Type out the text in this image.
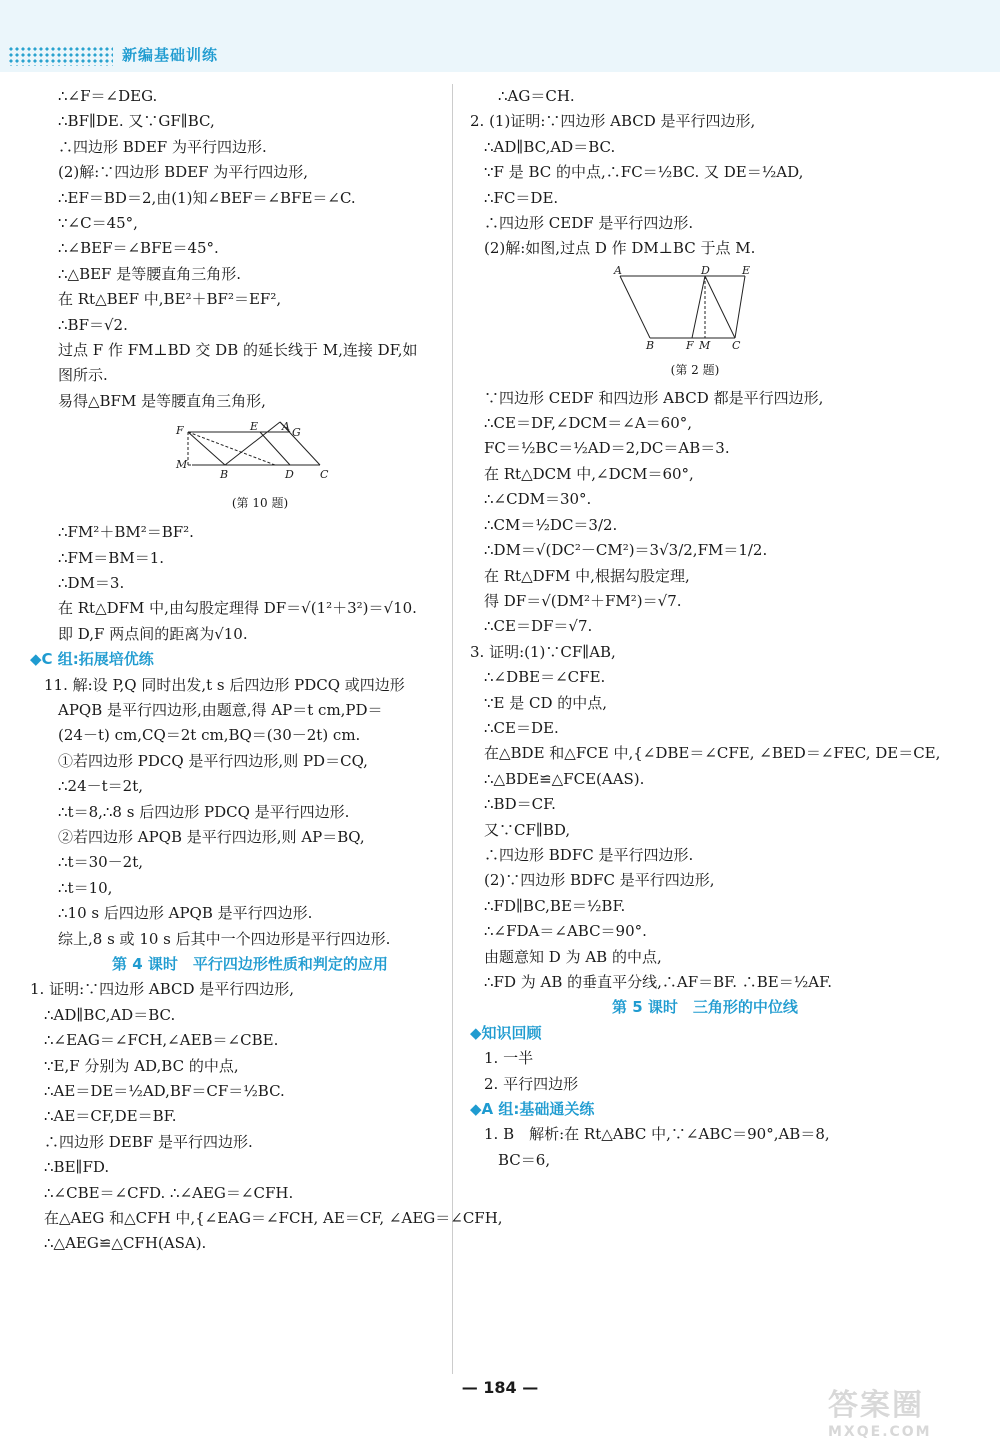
新编基础训练
∴∠F＝∠DEG.
∴BF∥DE. 又∵GF∥BC,
∴四边形 BDEF 为平行四边形.
(2)解:∵四边形 BDEF 为平行四边形,
∴EF＝BD＝2,由(1)知∠BEF＝∠BFE＝∠C.
∵∠C＝45°,
∴∠BEF＝∠BFE＝45°.
∴△BEF 是等腰直角三角形.
在 Rt△BEF 中,BE²＋BF²＝EF²,
∴BF＝√2.
过点 F 作 FM⊥BD 交 DB 的延长线于 M,连接 DF,如
图所示.
易得△BFM 是等腰直角三角形,
A G
E
F
M
B	D C
(第 10 题)
∴FM²＋BM²＝BF².
∴FM＝BM＝1.
∴DM＝3.
在 Rt△DFM 中,由勾股定理得 DF＝√(1²＋3²)＝√10.
即 D,F 两点间的距离为√10.
◆C 组:拓展培优练
11. 解:设 P,Q 同时出发,t s 后四边形 PDCQ 或四边形
APQB 是平行四边形,由题意,得 AP＝t cm,PD＝
(24－t) cm,CQ＝2t cm,BQ＝(30－2t) cm.
①若四边形 PDCQ 是平行四边形,则 PD＝CQ,
∴24－t＝2t,
∴t＝8,∴8 s 后四边形 PDCQ 是平行四边形.
②若四边形 APQB 是平行四边形,则 AP＝BQ,
∴t＝30－2t,
∴t＝10,
∴10 s 后四边形 APQB 是平行四边形.
综上,8 s 或 10 s 后其中一个四边形是平行四边形.
第 4 课时　平行四边形性质和判定的应用
1. 证明:∵四边形 ABCD 是平行四边形,
∴AD∥BC,AD＝BC.
∴∠EAG＝∠FCH,∠AEB＝∠CBE.
∵E,F 分别为 AD,BC 的中点,
∴AE＝DE＝½AD,BF＝CF＝½BC.
∴AE＝CF,DE＝BF.
∴四边形 DEBF 是平行四边形.
∴BE∥FD.
∴∠CBE＝∠CFD. ∴∠AEG＝∠CFH.
在△AEG 和△CFH 中,{∠EAG＝∠FCH, AE＝CF, ∠AEG＝∠CFH,
∴△AEG≌△CFH(ASA).
∴AG＝CH.
2. (1)证明:∵四边形 ABCD 是平行四边形,
∴AD∥BC,AD＝BC.
∵F 是 BC 的中点,∴FC＝½BC. 又 DE＝½AD,
∴FC＝DE.
∴四边形 CEDF 是平行四边形.
(2)解:如图,过点 D 作 DM⊥BC 于点 M.
A	D	E
B	F M C
(第 2 题)
∵四边形 CEDF 和四边形 ABCD 都是平行四边形,
∴CE＝DF,∠DCM＝∠A＝60°,
FC＝½BC＝½AD＝2,DC＝AB＝3.
在 Rt△DCM 中,∠DCM＝60°,
∴∠CDM＝30°.
∴CM＝½DC＝3/2.
∴DM＝√(DC²－CM²)＝3√3/2,FM＝1/2.
在 Rt△DFM 中,根据勾股定理,
得 DF＝√(DM²＋FM²)＝√7.
∴CE＝DF＝√7.
3. 证明:(1)∵CF∥AB,
∴∠DBE＝∠CFE.
∵E 是 CD 的中点,
∴CE＝DE.
在△BDE 和△FCE 中,{∠DBE＝∠CFE, ∠BED＝∠FEC, DE＝CE,
∴△BDE≌△FCE(AAS).
∴BD＝CF.
又∵CF∥BD,
∴四边形 BDFC 是平行四边形.
(2)∵四边形 BDFC 是平行四边形,
∴FD∥BC,BE＝½BF.
∴∠FDA＝∠ABC＝90°.
由题意知 D 为 AB 的中点,
∴FD 为 AB 的垂直平分线,∴AF＝BF. ∴BE＝½AF.
第 5 课时　三角形的中位线
◆知识回顾
1. 一半
2. 平行四边形
◆A 组:基础通关练
1. B　解析:在 Rt△ABC 中,∵∠ABC＝90°,AB＝8,
BC＝6,
— 184 —
答案圈
MXQE.COM
